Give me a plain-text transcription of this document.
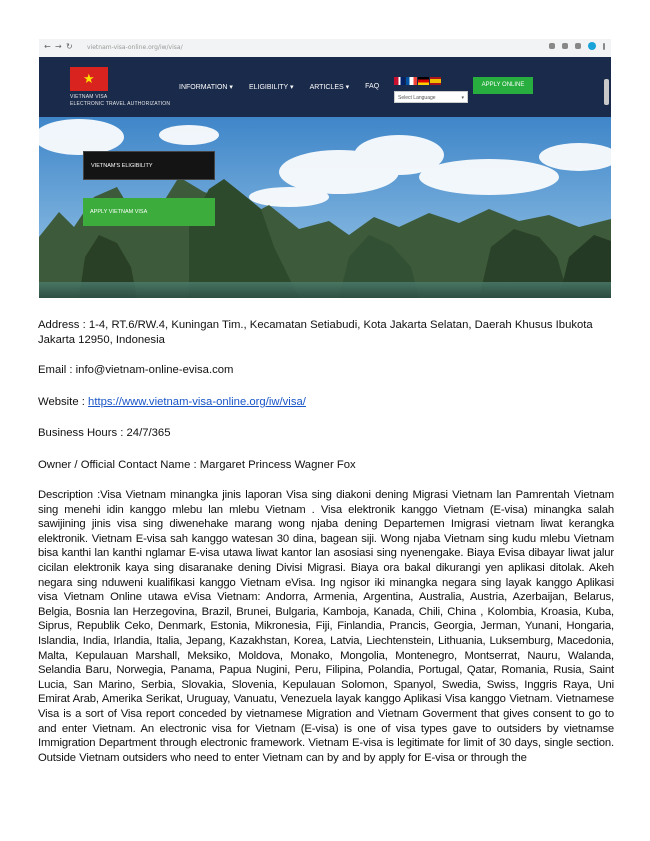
← → ↻ vietnam-visa-online.org/iw/visa/
★
VIETNAM VISA
ELECTRONIC TRAVEL AUTHORIZATION
INFORMATION ▾ ELIGIBILITY ▾ ARTICLES ▾ FAQ
Select Language	▾
APPLY ONLINE
VIETNAM'S ELIGIBILITY
APPLY VIETNAM VISA
Address : 1-4, RT.6/RW.4, Kuningan Tim., Kecamatan Setiabudi, Kota Jakarta Selatan, Daerah Khusus Ibukota Jakarta 12950, Indonesia
Email : info@vietnam-online-evisa.com
Website : https://www.vietnam-visa-online.org/iw/visa/
Business Hours : 24/7/365
Owner / Official Contact Name : Margaret Princess Wagner Fox
Description :Visa Vietnam minangka jinis laporan Visa sing diakoni dening Migrasi Vietnam lan Pamrentah Vietnam sing menehi idin kanggo mlebu lan mlebu Vietnam . Visa elektronik kanggo Vietnam (E-visa) minangka salah sawijining jinis visa sing diwenehake marang wong njaba dening Departemen Imigrasi vietnam liwat kerangka elektronik. Vietnam E-visa sah kanggo watesan 30 dina, bagean siji. Wong njaba Vietnam sing kudu mlebu Vietnam bisa kanthi lan kanthi nglamar E-visa utawa liwat kantor lan asosiasi sing nyenengake. Biaya Evisa dibayar liwat jalur cicilan elektronik kaya sing disaranake dening Divisi Migrasi. Biaya ora bakal dikurangi yen aplikasi ditolak. Akeh negara sing nduweni kualifikasi kanggo Vietnam eVisa. Ing ngisor iki minangka negara sing layak kanggo Aplikasi visa Vietnam Online utawa eVisa Vietnam: Andorra, Armenia, Argentina, Australia, Austria, Azerbaijan, Belarus, Belgia, Bosnia lan Herzegovina, Brazil, Brunei, Bulgaria, Kamboja, Kanada, Chili, China , Kolombia, Kroasia, Kuba, Siprus, Republik Ceko, Denmark, Estonia, Mikronesia, Fiji, Finlandia, Prancis, Georgia, Jerman, Yunani, Hongaria, Islandia, India, Irlandia, Italia, Jepang, Kazakhstan, Korea, Latvia, Liechtenstein, Lithuania, Luksemburg, Macedonia, Malta, Kepulauan Marshall, Meksiko, Moldova, Monako, Mongolia, Montenegro, Montserrat, Nauru, Walanda, Selandia Baru, Norwegia, Panama, Papua Nugini, Peru, Filipina, Polandia, Portugal, Qatar, Romania, Rusia, Saint Lucia, San Marino, Serbia, Slovakia, Slovenia, Kepulauan Solomon, Spanyol, Swedia, Swiss, Inggris Raya, Uni Emirat Arab, Amerika Serikat, Uruguay, Vanuatu, Venezuela layak kanggo Aplikasi Visa kanggo Vietnam. Vietnamese Visa is a sort of Visa report conceded by vietnamese Migration and Vietnam Goverment that gives consent to go to and enter Vietnam. An electronic visa for Vietnam (E-visa) is one of visa types gave to outsiders by vietnamse Immigration Department through electronic framework. Vietnam E-visa is legitimate for limit of 30 days, single section. Outside Vietnam outsiders who need to enter Vietnam can by and by apply for E-visa or through the
